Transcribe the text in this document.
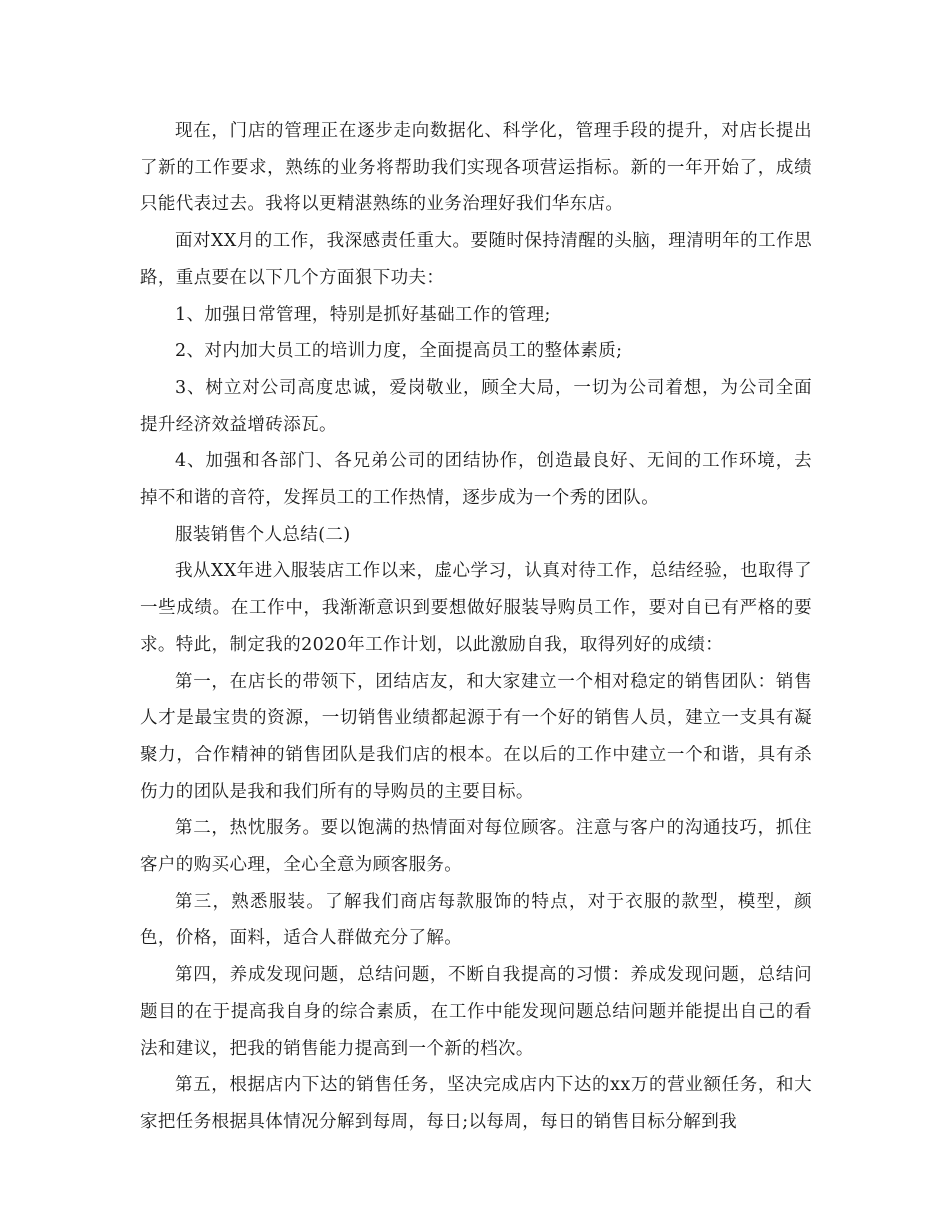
现在，门店的管理正在逐步走向数据化、科学化，管理手段的提升，对店长提出了新的工作要求，熟练的业务将帮助我们实现各项营运指标。新的一年开始了，成绩只能代表过去。我将以更精湛熟练的业务治理好我们华东店。

面对XX月的工作，我深感责任重大。要随时保持清醒的头脑，理清明年的工作思路，重点要在以下几个方面狠下功夫：

1、加强日常管理，特别是抓好基础工作的管理;

2、对内加大员工的培训力度，全面提高员工的整体素质;

3、树立对公司高度忠诚，爱岗敬业，顾全大局，一切为公司着想，为公司全面提升经济效益增砖添瓦。

4、加强和各部门、各兄弟公司的团结协作，创造最良好、无间的工作环境，去掉不和谐的音符，发挥员工的工作热情，逐步成为一个秀的团队。

服装销售个人总结(二)

我从XX年进入服装店工作以来，虚心学习，认真对待工作，总结经验，也取得了一些成绩。在工作中，我渐渐意识到要想做好服装导购员工作，要对自已有严格的要求。特此，制定我的2020年工作计划，以此激励自我，取得列好的成绩：

第一，在店长的带领下，团结店友，和大家建立一个相对稳定的销售团队：销售人才是最宝贵的资源，一切销售业绩都起源于有一个好的销售人员，建立一支具有凝聚力，合作精神的销售团队是我们店的根本。在以后的工作中建立一个和谐，具有杀伤力的团队是我和我们所有的导购员的主要目标。

第二，热忱服务。要以饱满的热情面对每位顾客。注意与客户的沟通技巧，抓住客户的购买心理，全心全意为顾客服务。

第三，熟悉服装。了解我们商店每款服饰的特点，对于衣服的款型，模型，颜色，价格，面料，适合人群做充分了解。

第四，养成发现问题，总结问题，不断自我提高的习惯：养成发现问题，总结问题目的在于提高我自身的综合素质，在工作中能发现问题总结问题并能提出自己的看法和建议，把我的销售能力提高到一个新的档次。

第五，根据店内下达的销售任务，坚决完成店内下达的xx万的营业额任务，和大家把任务根据具体情况分解到每周，每日;以每周，每日的销售目标分解到我
